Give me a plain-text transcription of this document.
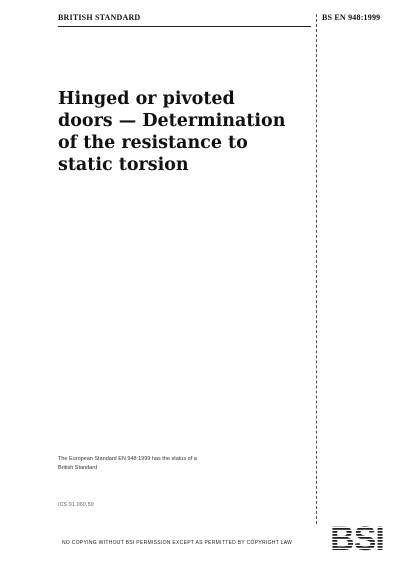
BRITISH STANDARD	BS EN 948:1999
Hinged or pivoted
doors — Determination
of the resistance to
static torsion
The European Standard EN 948:1999 has the status of a
British Standard
ICS 91.060.50
NO COPYING WITHOUT BSI PERMISSION EXCEPT AS PERMITTED BY COPYRIGHT LAW
